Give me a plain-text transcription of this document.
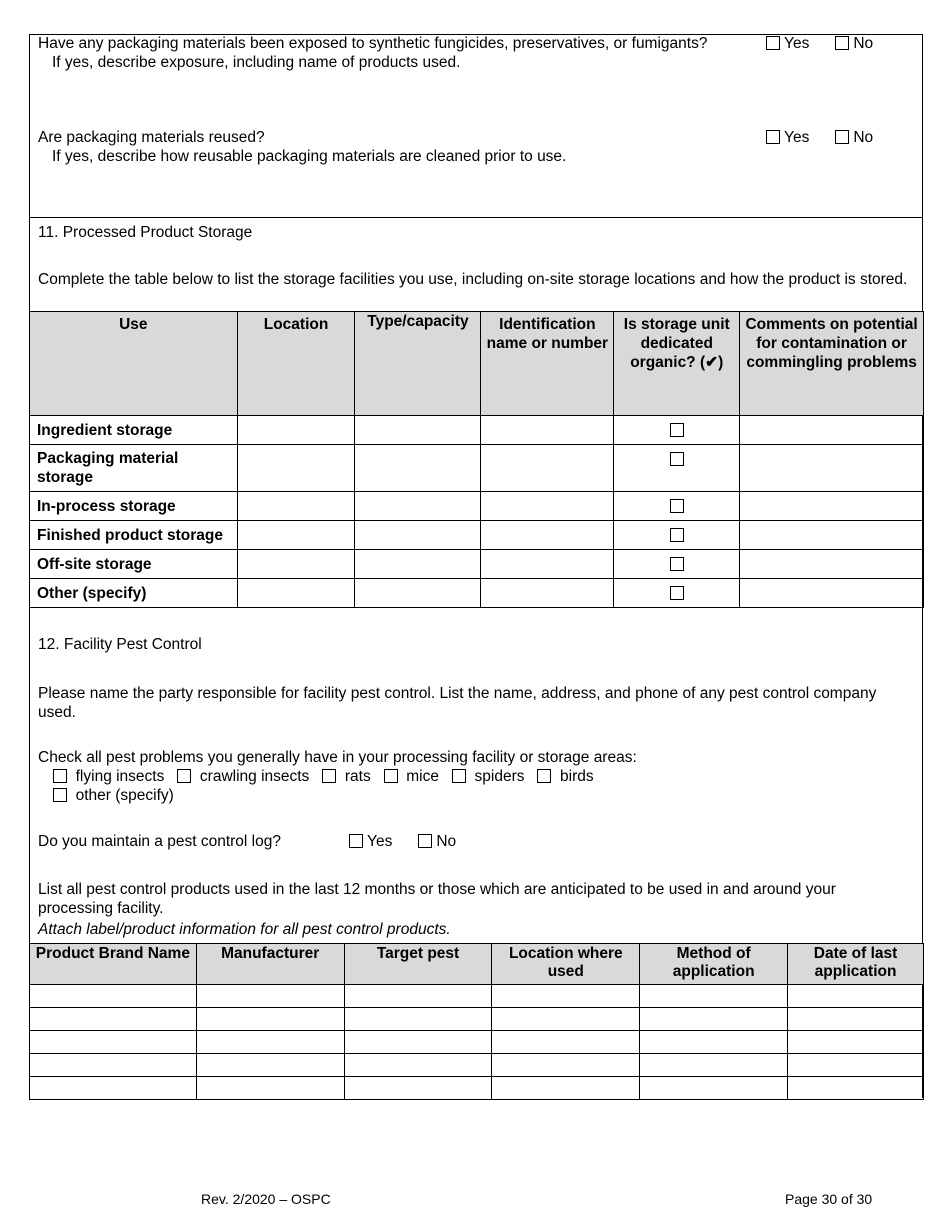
Have any packaging materials been exposed to synthetic fungicides, preservatives, or fumigants?
If yes, describe exposure, including name of products used.
Yes	No
Are packaging materials reused?
If yes, describe how reusable packaging materials are cleaned prior to use.
Yes	No
11. Processed Product Storage
Complete the table below to list the storage facilities you use, including on-site storage locations and how the product is stored.
Use	Location	Type/capacity	Identification name or number	Is storage unit dedicated organic? (✔)	Comments on potential for contamination or commingling problems
Ingredient storage					
Packaging material storage					
In-process storage					
Finished product storage					
Off-site storage					
Other (specify)					
12. Facility Pest Control
Please name the party responsible for facility pest control. List the name, address, and phone of any pest control company used.
Check all pest problems you generally have in your processing facility or storage areas:
flying insects crawling insects rats mice spiders birds
other (specify)
Do you maintain a pest control log?	Yes	No
List all pest control products used in the last 12 months or those which are anticipated to be used in and around your processing facility.
Attach label/product information for all pest control products.
Product Brand Name	Manufacturer	Target pest	Location where used	Method of application	Date of last application

Rev. 2/2020 – OSPC	Page 30 of 30
